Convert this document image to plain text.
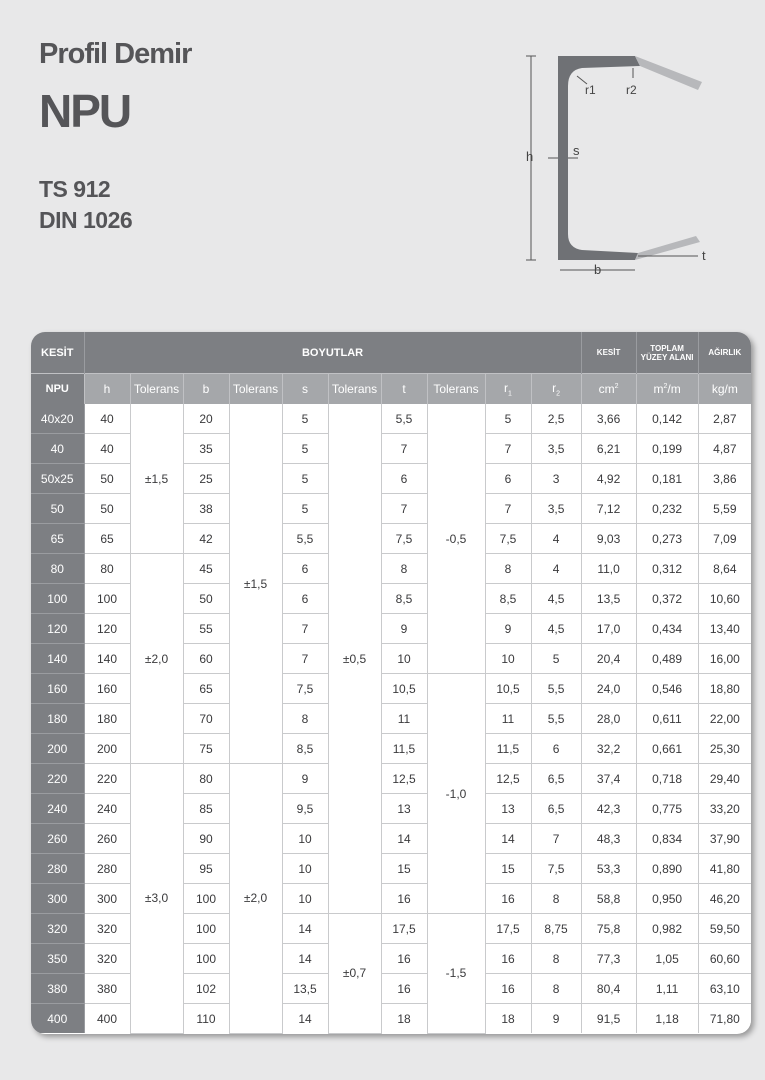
Profil Demir
NPU
TS 912
DIN 1026
h
b
s
t
r1	r2
KESİT	BOYUTLAR										KESİT	TOPLAM YÜZEY ALANI	AĞIRLIK
NPU	h	Tolerans	b	Tolerans	s	Tolerans	t	Tolerans	$r_1$	$r_2$	$cm^2$	$m^2/m$	kg/m
40x20	40	±1,5	20	±1,5	5	±0,5	5,5	-0,5	5	2,5	3,66	0,142	2,87
40	40		35		5		7		7	3,5	6,21	0,199	4,87
50x25	50		25		5		6		6	3	4,92	0,181	3,86
50	50		38		5		7		7	3,5	7,12	0,232	5,59
65	65		42		5,5		7,5		7,5	4	9,03	0,273	7,09
80	80	±2,0	45		6		8		8	4	11,0	0,312	8,64
100	100		50		6		8,5		8,5	4,5	13,5	0,372	10,60
120	120		55		7		9		9	4,5	17,0	0,434	13,40
140	140		60		7		10		10	5	20,4	0,489	16,00
160	160		65		7,5		10,5	-1,0	10,5	5,5	24,0	0,546	18,80
180	180		70		8		11		11	5,5	28,0	0,611	22,00
200	200		75		8,5		11,5		11,5	6	32,2	0,661	25,30
220	220	±3,0	80	±2,0	9		12,5		12,5	6,5	37,4	0,718	29,40
240	240		85		9,5		13		13	6,5	42,3	0,775	33,20
260	260		90		10		14		14	7	48,3	0,834	37,90
280	280		95		10		15		15	7,5	53,3	0,890	41,80
300	300		100		10		16		16	8	58,8	0,950	46,20
320	320		100		14	±0,7	17,5	-1,5	17,5	8,75	75,8	0,982	59,50
350	320		100		14		16		16	8	77,3	1,05	60,60
380	380		102		13,5		16		16	8	80,4	1,11	63,10
400	400		110		14		18		18	9	91,5	1,18	71,80
